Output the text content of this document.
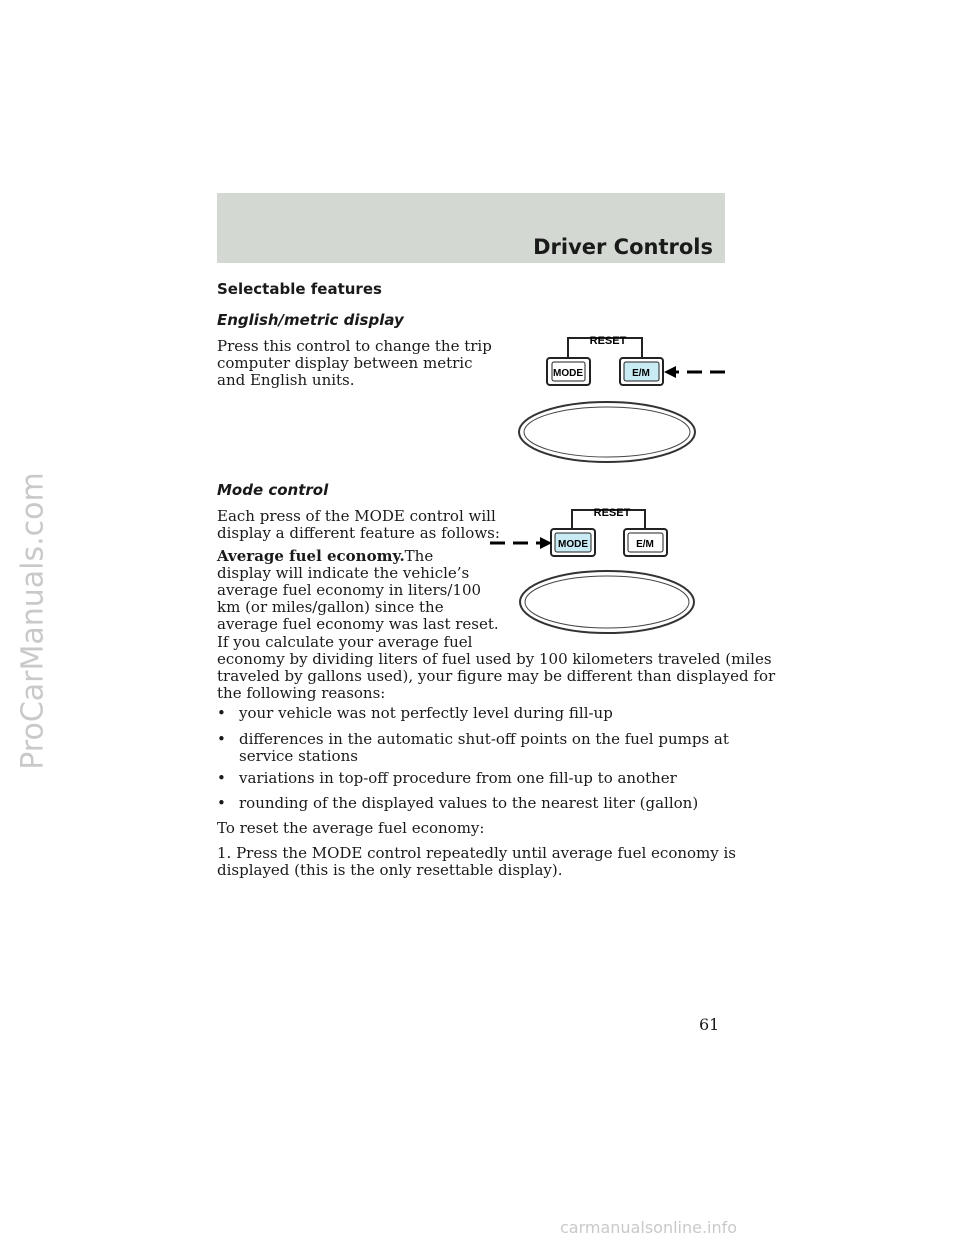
ProCarManuals.com
Driver Controls
Selectable features
English/metric display
Press this control to change the trip
computer display between metric
and English units.
RESET
MODE	E/M
Mode control
Each press of the MODE control will
display a different feature as follows:
Average fuel economy.The
display will indicate the vehicle’s
average fuel economy in liters/100
km (or miles/gallon) since the
average fuel economy was last reset.
RESET
MODE	E/M
If you calculate your average fuel
economy by dividing liters of fuel used by 100 kilometers traveled (miles
traveled by gallons used), your figure may be different than displayed for
the following reasons:
• your vehicle was not perfectly level during fill-up
• differences in the automatic shut-off points on the fuel pumps at
service stations
• variations in top-off procedure from one fill-up to another
• rounding of the displayed values to the nearest liter (gallon)
To reset the average fuel economy:
1. Press the MODE control repeatedly until average fuel economy is
displayed (this is the only resettable display).
61
carmanualsonline.info
